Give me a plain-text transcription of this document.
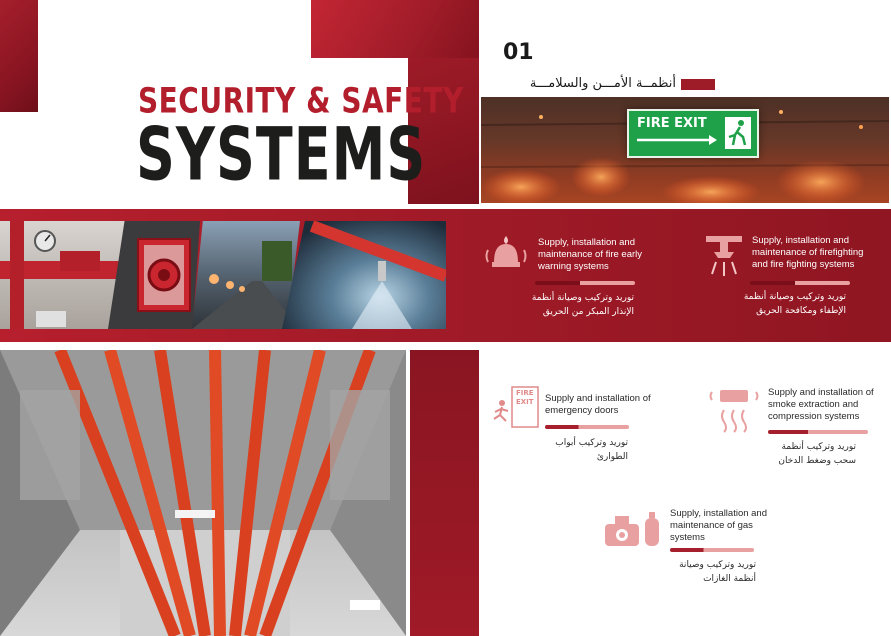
SECURITY & SAFETY
SYSTEMS
01
أنظمــة الأمـــن والسلامـــة
FIRE EXIT
Supply, installation and maintenance of fire early warning systems
توريد وتركيب وصيانة أنظمة الإنذار المبكر من الحريق
Supply, installation and maintenance of firefighting and fire fighting systems
توريد وتركيب وصيانة أنظمة الإطفاء ومكافحة الحريق
FIRE
EXIT Supply and installation of emergency doors
توريد وتركيب أبواب الطوارئ
Supply and installation of smoke extraction and compression systems
توريد وتركيب أنظمة سحب وضغط الدخان
Supply, installation and maintenance of gas systems
توريد وتركيب وصيانة أنظمة الغازات
